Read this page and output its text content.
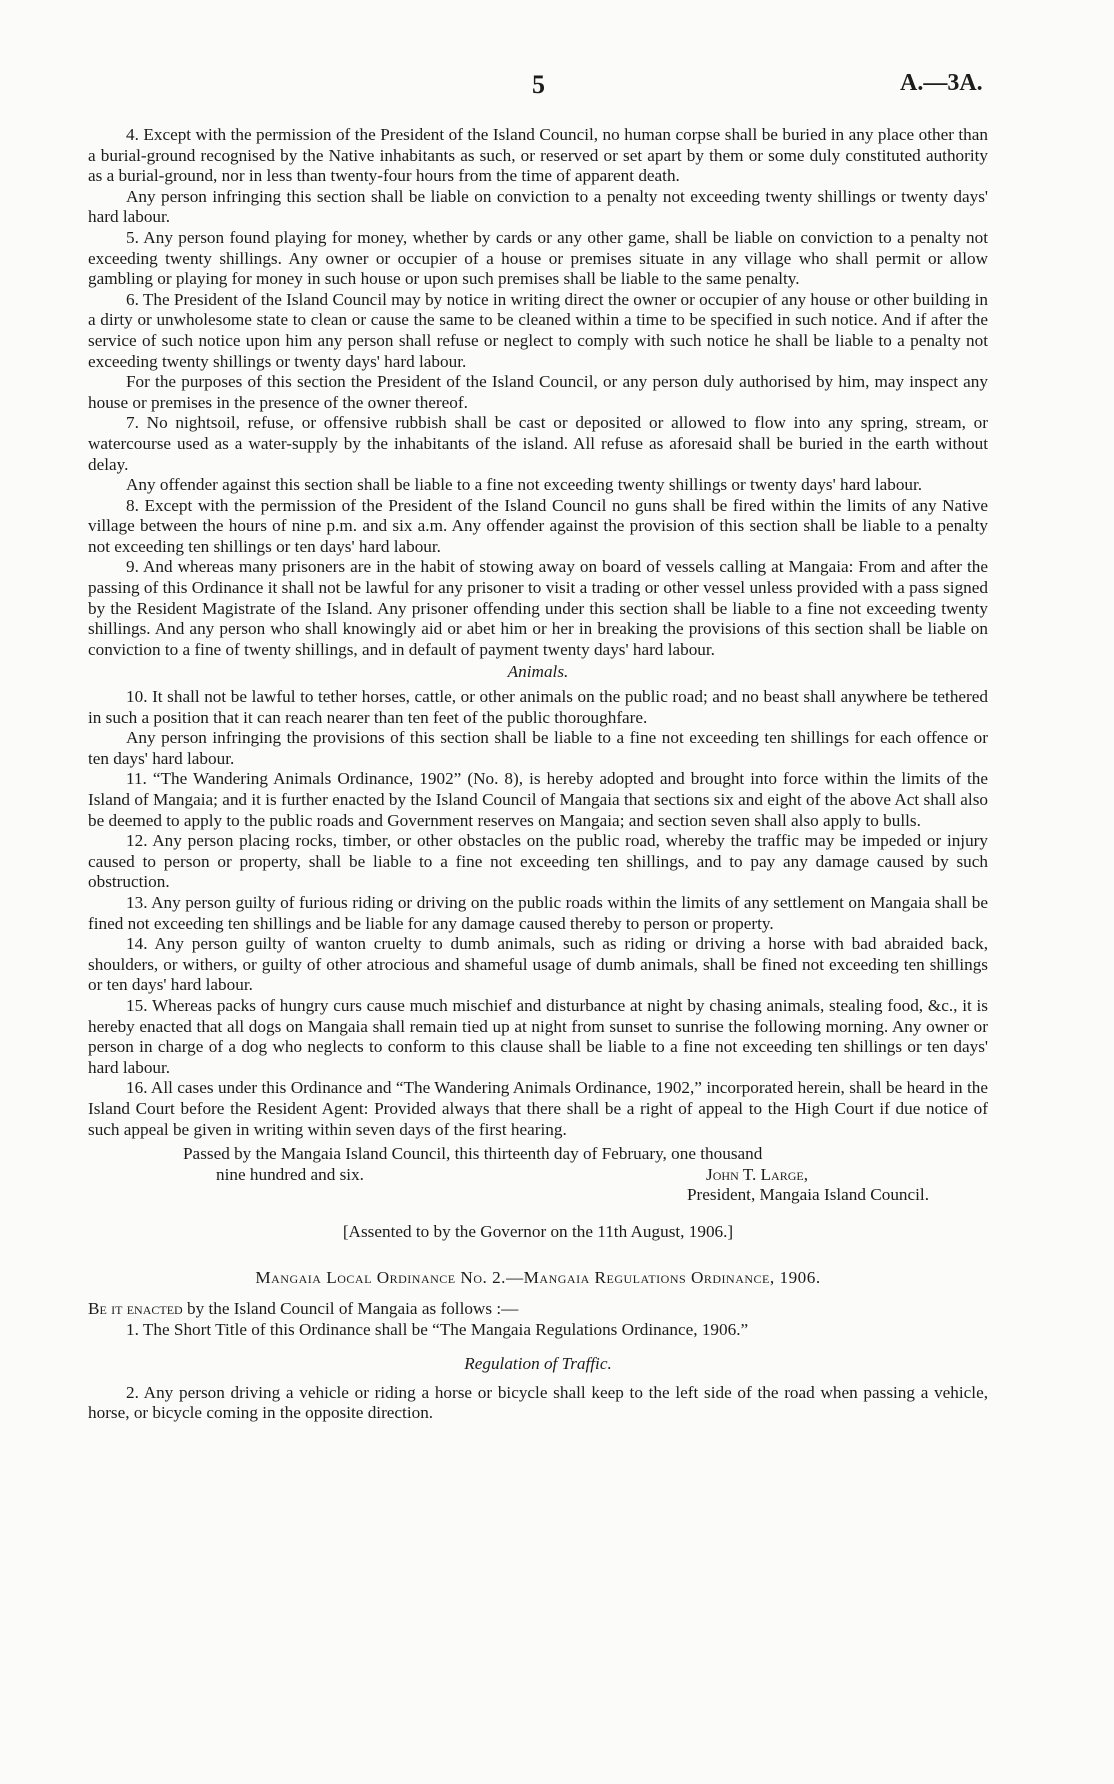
5	A.—3A.

4. Except with the permission of the President of the Island Council, no human corpse shall be buried in any place other than a burial-ground recognised by the Native inhabitants as such, or reserved or set apart by them or some duly constituted authority as a burial-ground, nor in less than twenty-four hours from the time of apparent death.

Any person infringing this section shall be liable on conviction to a penalty not exceeding twenty shillings or twenty days' hard labour.

5. Any person found playing for money, whether by cards or any other game, shall be liable on conviction to a penalty not exceeding twenty shillings. Any owner or occupier of a house or premises situate in any village who shall permit or allow gambling or playing for money in such house or upon such premises shall be liable to the same penalty.

6. The President of the Island Council may by notice in writing direct the owner or occupier of any house or other building in a dirty or unwholesome state to clean or cause the same to be cleaned within a time to be specified in such notice. And if after the service of such notice upon him any person shall refuse or neglect to comply with such notice he shall be liable to a penalty not exceeding twenty shillings or twenty days' hard labour.

For the purposes of this section the President of the Island Council, or any person duly authorised by him, may inspect any house or premises in the presence of the owner thereof.

7. No nightsoil, refuse, or offensive rubbish shall be cast or deposited or allowed to flow into any spring, stream, or watercourse used as a water-supply by the inhabitants of the island. All refuse as aforesaid shall be buried in the earth without delay.

Any offender against this section shall be liable to a fine not exceeding twenty shillings or twenty days' hard labour.

8. Except with the permission of the President of the Island Council no guns shall be fired within the limits of any Native village between the hours of nine p.m. and six a.m. Any offender against the provision of this section shall be liable to a penalty not exceeding ten shillings or ten days' hard labour.

9. And whereas many prisoners are in the habit of stowing away on board of vessels calling at Mangaia: From and after the passing of this Ordinance it shall not be lawful for any prisoner to visit a trading or other vessel unless provided with a pass signed by the Resident Magistrate of the Island. Any prisoner offending under this section shall be liable to a fine not exceeding twenty shillings. And any person who shall knowingly aid or abet him or her in breaking the provisions of this section shall be liable on conviction to a fine of twenty shillings, and in default of payment twenty days' hard labour.

Animals.

10. It shall not be lawful to tether horses, cattle, or other animals on the public road; and no beast shall anywhere be tethered in such a position that it can reach nearer than ten feet of the public thoroughfare.

Any person infringing the provisions of this section shall be liable to a fine not exceeding ten shillings for each offence or ten days' hard labour.

11. “The Wandering Animals Ordinance, 1902” (No. 8), is hereby adopted and brought into force within the limits of the Island of Mangaia; and it is further enacted by the Island Council of Mangaia that sections six and eight of the above Act shall also be deemed to apply to the public roads and Government reserves on Mangaia; and section seven shall also apply to bulls.

12. Any person placing rocks, timber, or other obstacles on the public road, whereby the traffic may be impeded or injury caused to person or property, shall be liable to a fine not exceeding ten shillings, and to pay any damage caused by such obstruction.

13. Any person guilty of furious riding or driving on the public roads within the limits of any settlement on Mangaia shall be fined not exceeding ten shillings and be liable for any damage caused thereby to person or property.

14. Any person guilty of wanton cruelty to dumb animals, such as riding or driving a horse with bad abraided back, shoulders, or withers, or guilty of other atrocious and shameful usage of dumb animals, shall be fined not exceeding ten shillings or ten days' hard labour.

15. Whereas packs of hungry curs cause much mischief and disturbance at night by chasing animals, stealing food, &c., it is hereby enacted that all dogs on Mangaia shall remain tied up at night from sunset to sunrise the following morning. Any owner or person in charge of a dog who neglects to conform to this clause shall be liable to a fine not exceeding ten shillings or ten days' hard labour.

16. All cases under this Ordinance and “The Wandering Animals Ordinance, 1902,” incorporated herein, shall be heard in the Island Court before the Resident Agent: Provided always that there shall be a right of appeal to the High Court if due notice of such appeal be given in writing within seven days of the first hearing.

Passed by the Mangaia Island Council, this thirteenth day of February, one thousand
nine hundred and six.	John T. Large,
President, Mangaia Island Council.
[Assented to by the Governor on the 11th August, 1906.]
Mangaia Local Ordinance No. 2.—Mangaia Regulations Ordinance, 1906.

Be it enacted by the Island Council of Mangaia as follows :—

1. The Short Title of this Ordinance shall be “The Mangaia Regulations Ordinance, 1906.”

Regulation of Traffic.

2. Any person driving a vehicle or riding a horse or bicycle shall keep to the left side of the road when passing a vehicle, horse, or bicycle coming in the opposite direction.
